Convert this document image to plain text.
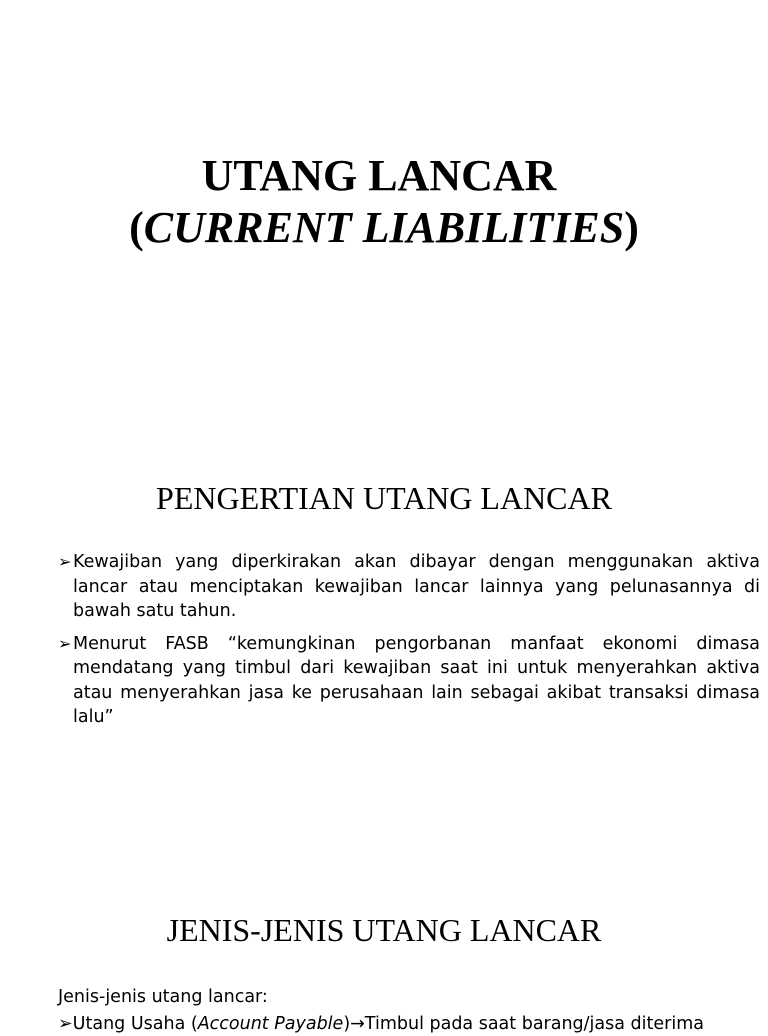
UTANG LANCAR
(CURRENT LIABILITIES)
PENGERTIAN UTANG LANCAR
➢ Kewajiban yang diperkirakan akan dibayar dengan menggunakan aktiva lancar atau menciptakan kewajiban lancar lainnya yang pelunasannya di bawah satu tahun.
➢ Menurut FASB “kemungkinan pengorbanan manfaat ekonomi dimasa mendatang yang timbul dari kewajiban saat ini untuk menyerahkan aktiva atau menyerahkan jasa ke perusahaan lain sebagai akibat transaksi dimasa lalu”
JENIS-JENIS UTANG LANCAR
Jenis-jenis utang lancar:
➢Utang Usaha (Account Payable)→Timbul pada saat barang/jasa diterima
